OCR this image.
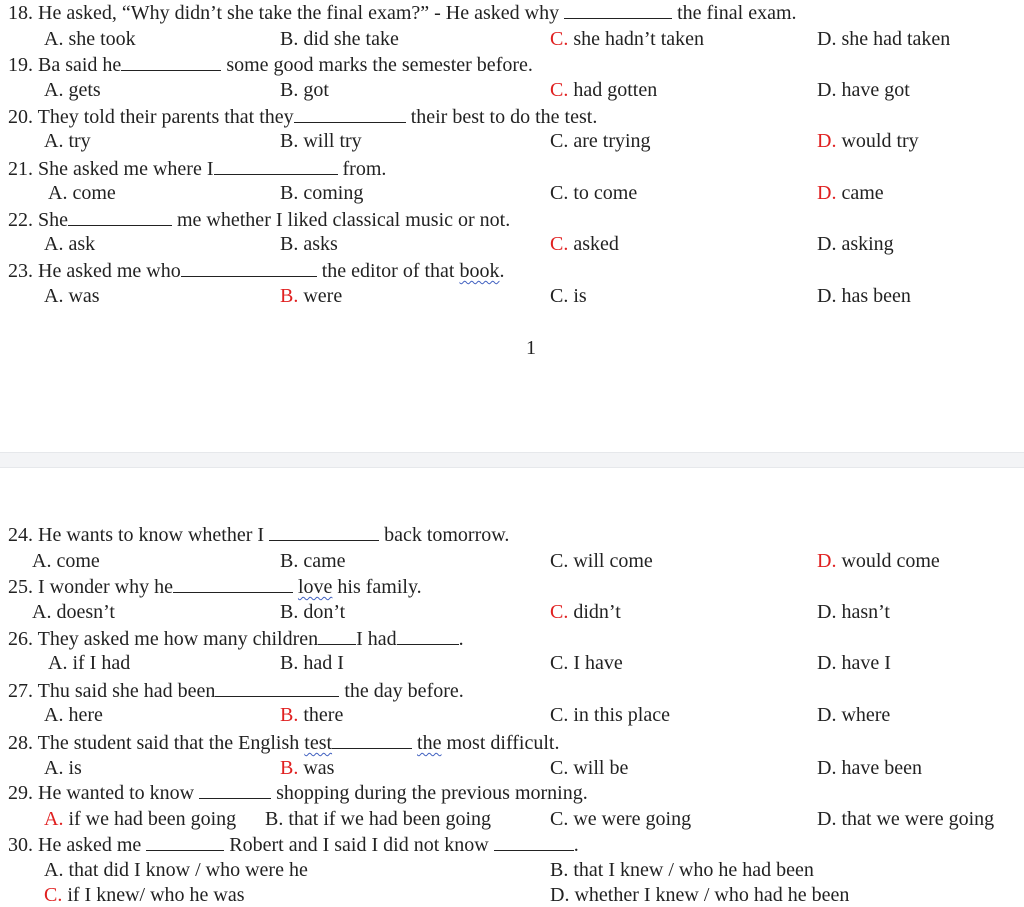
18. He asked, “Why didn’t she take the final exam?” - He asked why	the final exam.
A. she took	B. did she take	C. she hadn’t taken	D. she had taken
19. Ba said he	some good marks the semester before.
A. gets	B. got	C. had gotten	D. have got
20. They told their parents that they	their best to do the test.
A. try	B. will try	C. are trying	D. would try
21. She asked me where I	from.
A. come	B. coming	C. to come	D. came
22. She	me whether I liked classical music or not.
A. ask	B. asks	C. asked	D. asking
23. He asked me who	the editor of that book.
A. was	B. were	C. is	D. has been
1
24. He wants to know whether I	back tomorrow.
A. come	B. came	C. will come	D. would come
25. I wonder why he	love his family.
A. doesn’t	B. don’t	C. didn’t	D. hasn’t
26. They asked me how many children I had	.
A. if I had	B. had I	C. I have	D. have I
27. Thu said she had been	the day before.
A. here	B. there	C. in this place	D. where
28. The student said that the English test	the most difficult.
A. is	B. was	C. will be	D. have been
29. He wanted to know	shopping during the previous morning.
A. if we had been going B. that if we had been going	C. we were going	D. that we were going
30. He asked me	Robert and I said I did not know	.
A. that did I know / who were he	B. that I knew / who he had been
C. if I knew/ who he was	D. whether I knew / who had he been
